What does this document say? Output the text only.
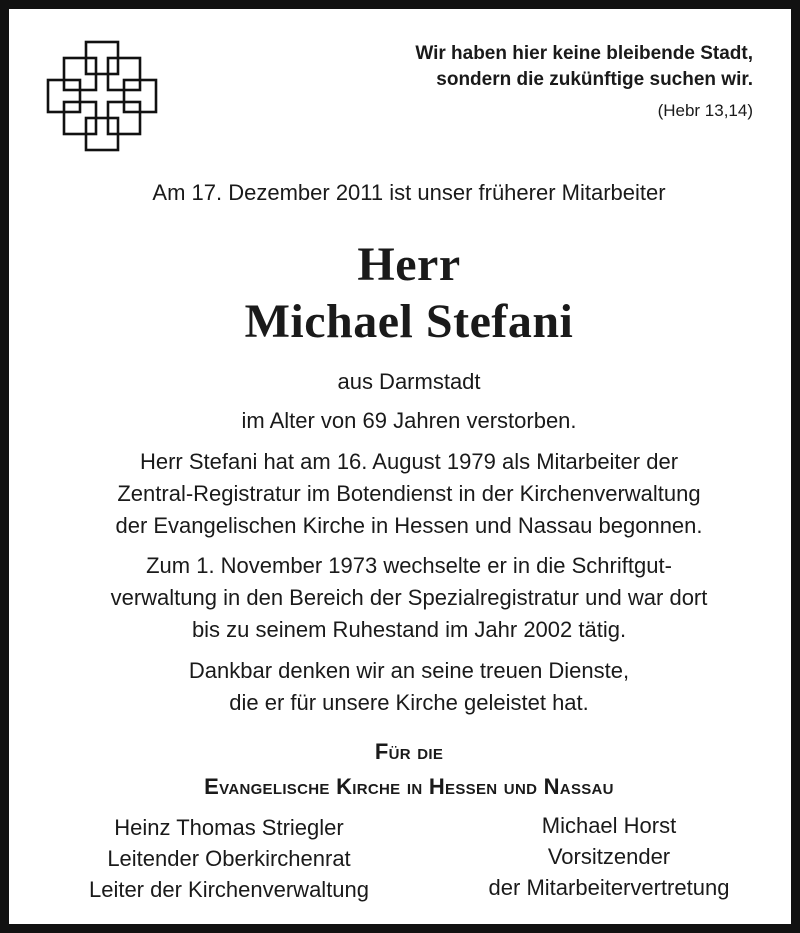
Wir haben hier keine bleibende Stadt,
sondern die zukünftige suchen wir.
(Hebr 13,14)
Am 17. Dezember 2011 ist unser früherer Mitarbeiter
Herr
Michael Stefani
aus Darmstadt
im Alter von 69 Jahren verstorben.
Herr Stefani hat am 16. August 1979 als Mitarbeiter der
Zentral-Registratur im Botendienst in der Kirchenverwaltung
der Evangelischen Kirche in Hessen und Nassau begonnen.
Zum 1. November 1973 wechselte er in die Schriftgut-
verwaltung in den Bereich der Spezialregistratur und war dort
bis zu seinem Ruhestand im Jahr 2002 tätig.
Dankbar denken wir an seine treuen Dienste,
die er für unsere Kirche geleistet hat.
Für die
Evangelische Kirche in Hessen und Nassau
Heinz Thomas Striegler
Leitender Oberkirchenrat
Leiter der Kirchenverwaltung
Michael Horst
Vorsitzender
der Mitarbeitervertretung
